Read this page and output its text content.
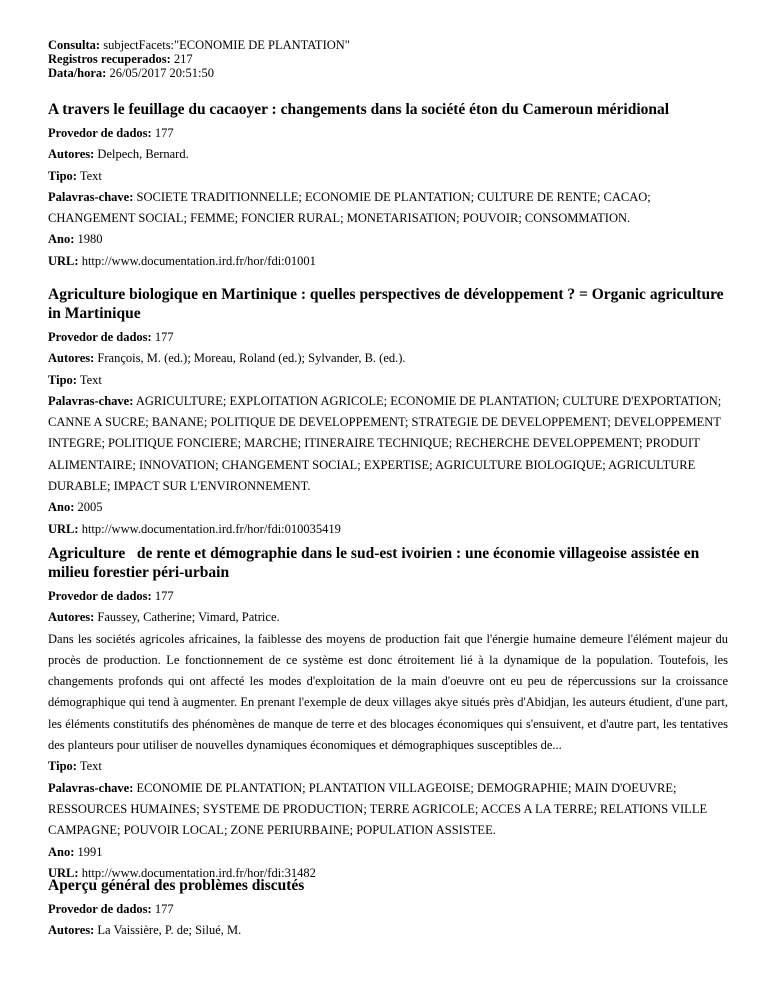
Consulta: subjectFacets:"ECONOMIE DE PLANTATION"
Registros recuperados: 217
Data/hora: 26/05/2017 20:51:50
A travers le feuillage du cacaoyer : changements dans la société éton du Cameroun méridional
Provedor de dados: 177
Autores: Delpech, Bernard.
Tipo: Text
Palavras-chave: SOCIETE TRADITIONNELLE; ECONOMIE DE PLANTATION; CULTURE DE RENTE; CACAO; CHANGEMENT SOCIAL; FEMME; FONCIER RURAL; MONETARISATION; POUVOIR; CONSOMMATION.
Ano: 1980
URL: http://www.documentation.ird.fr/hor/fdi:01001
Agriculture biologique en Martinique : quelles perspectives de développement ? = Organic agriculture in Martinique
Provedor de dados: 177
Autores: François, M. (ed.); Moreau, Roland (ed.); Sylvander, B. (ed.).
Tipo: Text
Palavras-chave: AGRICULTURE; EXPLOITATION AGRICOLE; ECONOMIE DE PLANTATION; CULTURE D'EXPORTATION; CANNE A SUCRE; BANANE; POLITIQUE DE DEVELOPPEMENT; STRATEGIE DE DEVELOPPEMENT; DEVELOPPEMENT INTEGRE; POLITIQUE FONCIERE; MARCHE; ITINERAIRE TECHNIQUE; RECHERCHE DEVELOPPEMENT; PRODUIT ALIMENTAIRE; INNOVATION; CHANGEMENT SOCIAL; EXPERTISE; AGRICULTURE BIOLOGIQUE; AGRICULTURE DURABLE; IMPACT SUR L'ENVIRONNEMENT.
Ano: 2005
URL: http://www.documentation.ird.fr/hor/fdi:010035419
Agriculture   de rente et démographie dans le sud-est ivoirien : une économie villageoise assistée en milieu forestier péri-urbain
Provedor de dados: 177
Autores: Faussey, Catherine; Vimard, Patrice.
Dans les sociétés agricoles africaines, la faiblesse des moyens de production fait que l'énergie humaine demeure l'élément majeur du procès de production. Le fonctionnement de ce système est donc étroitement lié à la dynamique de la population. Toutefois, les changements profonds qui ont affecté les modes d'exploitation de la main d'oeuvre ont eu peu de répercussions sur la croissance démographique qui tend à augmenter. En prenant l'exemple de deux villages akye situés près d'Abidjan, les auteurs étudient, d'une part, les éléments constitutifs des phénomènes de manque de terre et des blocages économiques qui s'ensuivent, et d'autre part, les tentatives des planteurs pour utiliser de nouvelles dynamiques économiques et démographiques susceptibles de...
Tipo: Text
Palavras-chave: ECONOMIE DE PLANTATION; PLANTATION VILLAGEOISE; DEMOGRAPHIE; MAIN D'OEUVRE; RESSOURCES HUMAINES; SYSTEME DE PRODUCTION; TERRE AGRICOLE; ACCES A LA TERRE; RELATIONS VILLE CAMPAGNE; POUVOIR LOCAL; ZONE PERIURBAINE; POPULATION ASSISTEE.
Ano: 1991
URL: http://www.documentation.ird.fr/hor/fdi:31482
Aperçu général des problèmes discutés
Provedor de dados: 177
Autores: La Vaissière, P. de; Silué, M.
